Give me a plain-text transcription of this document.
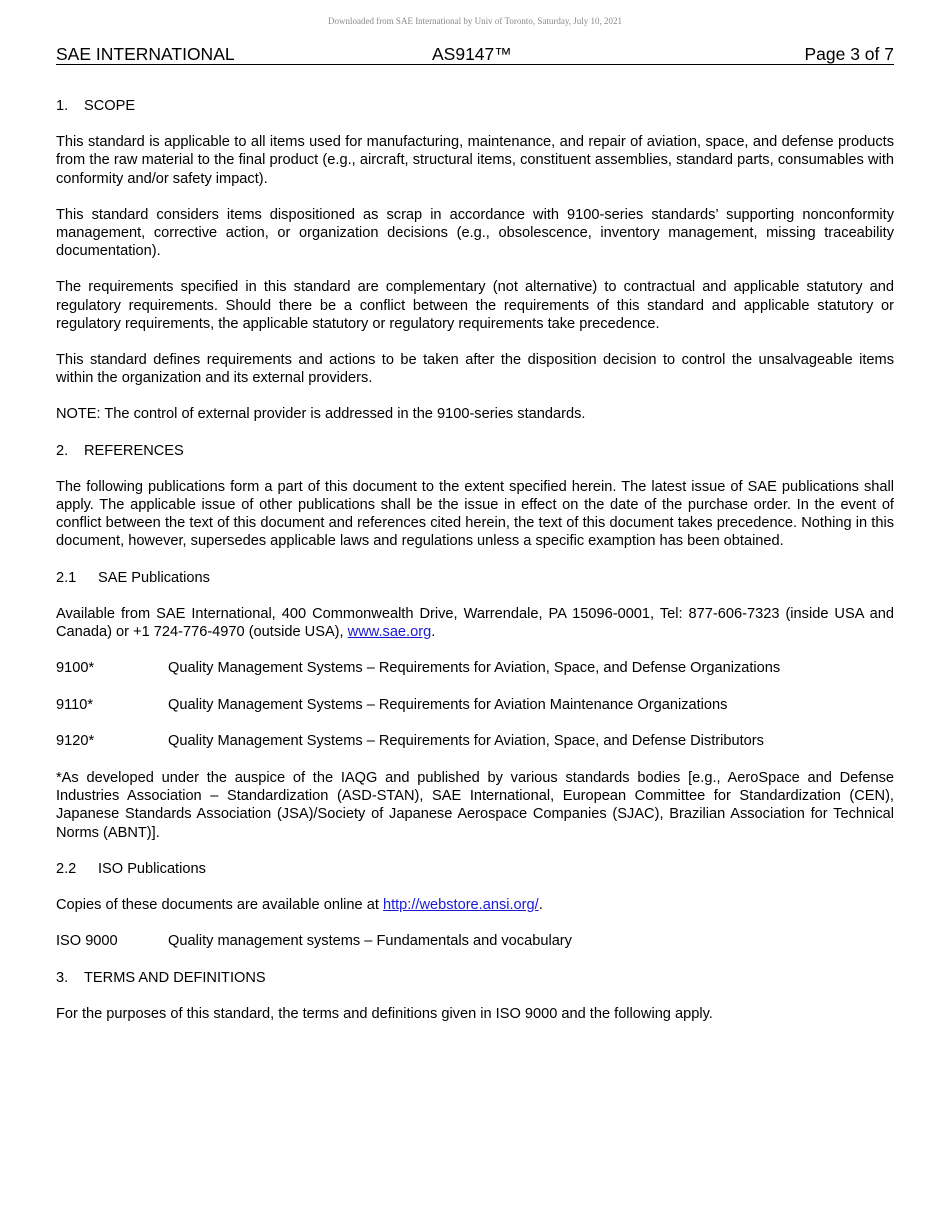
Downloaded from SAE International by Univ of Toronto, Saturday, July 10, 2021
SAE INTERNATIONAL	AS9147™	Page 3 of 7

1. SCOPE

This standard is applicable to all items used for manufacturing, maintenance, and repair of aviation, space, and defense products from the raw material to the final product (e.g., aircraft, structural items, constituent assemblies, standard parts, consumables with conformity and/or safety impact).

This standard considers items dispositioned as scrap in accordance with 9100-series standards’ supporting nonconformity management, corrective action, or organization decisions (e.g., obsolescence, inventory management, missing traceability documentation).

The requirements specified in this standard are complementary (not alternative) to contractual and applicable statutory and regulatory requirements. Should there be a conflict between the requirements of this standard and applicable statutory or regulatory requirements, the applicable statutory or regulatory requirements take precedence.

This standard defines requirements and actions to be taken after the disposition decision to control the unsalvageable items within the organization and its external providers.

NOTE: The control of external provider is addressed in the 9100-series standards.

2. REFERENCES

The following publications form a part of this document to the extent specified herein. The latest issue of SAE publications shall apply. The applicable issue of other publications shall be the issue in effect on the date of the purchase order. In the event of conflict between the text of this document and references cited herein, the text of this document takes precedence. Nothing in this document, however, supersedes applicable laws and regulations unless a specific examption has been obtained.

2.1 SAE Publications

Available from SAE International, 400 Commonwealth Drive, Warrendale, PA 15096-0001, Tel: 877-606-7323 (inside USA and Canada) or +1 724-776-4970 (outside USA), www.sae.org.

9100*	Quality Management Systems – Requirements for Aviation, Space, and Defense Organizations
9110*	Quality Management Systems – Requirements for Aviation Maintenance Organizations
9120*	Quality Management Systems – Requirements for Aviation, Space, and Defense Distributors

*As developed under the auspice of the IAQG and published by various standards bodies [e.g., AeroSpace and Defense Industries Association – Standardization (ASD-STAN), SAE International, European Committee for Standardization (CEN), Japanese Standards Association (JSA)/Society of Japanese Aerospace Companies (SJAC), Brazilian Association for Technical Norms (ABNT)].

2.2 ISO Publications

Copies of these documents are available online at http://webstore.ansi.org/.

ISO 9000	Quality management systems – Fundamentals and vocabulary

3. TERMS AND DEFINITIONS

For the purposes of this standard, the terms and definitions given in ISO 9000 and the following apply.
